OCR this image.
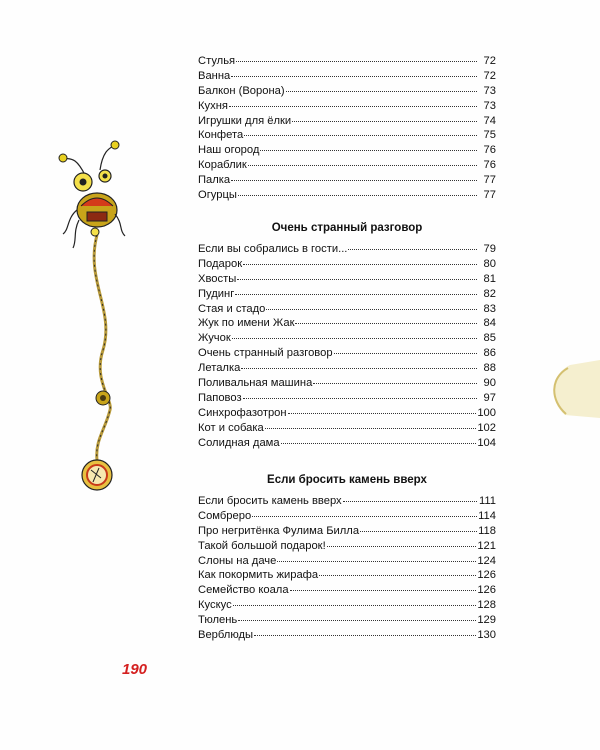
Стулья	72
Ванна	72
Балкон (Ворона)	73
Кухня	73
Игрушки для ёлки	74
Конфета	75
Наш огород	76
Кораблик	76
Палка	77
Огурцы	77
Очень странный разговор
Если вы собрались в гости...	79
Подарок	80
Хвосты	81
Пудинг	82
Стая и стадо	83
Жук по имени Жак	84
Жучок	85
Очень странный разговор	86
Леталка	88
Поливальная машина	90
Паповоз	97
Синхрофазотрон	100
Кот и собака	102
Солидная дама	104
Если бросить камень вверх
Если бросить камень вверх	111
Сомбреро	114
Про негритёнка Фулима Билла	118
Такой большой подарок!	121
Слоны на даче	124
Как покормить жирафа	126
Семейство коала	126
Кускус	128
Тюлень	129
Верблюды	130
190
